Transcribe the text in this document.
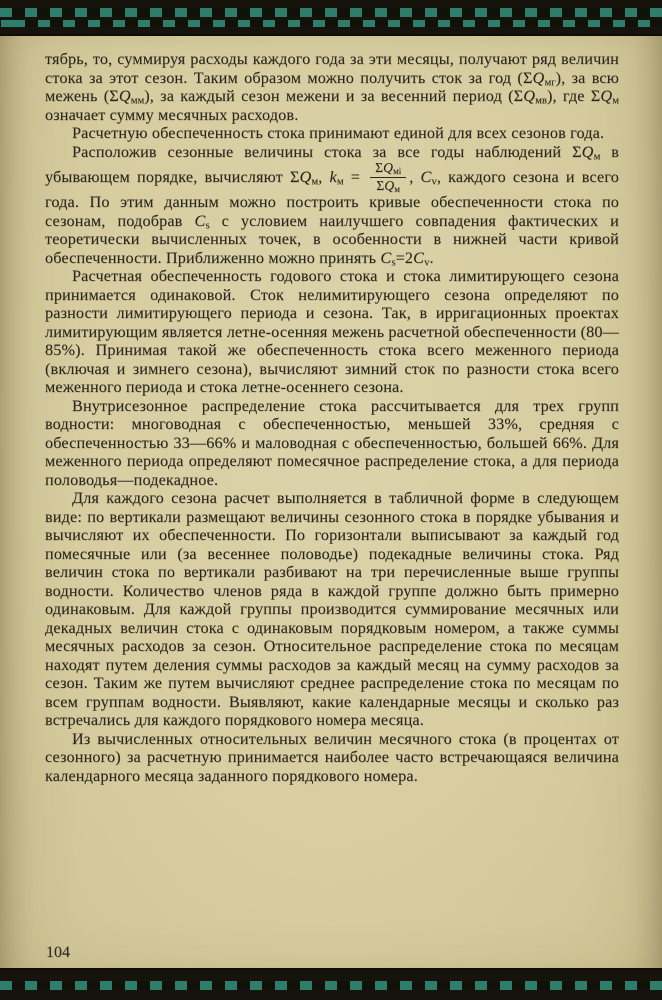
тябрь, то, суммируя расходы каждого года за эти месяцы, получают ряд величин стока за этот сезон. Таким образом можно получить сток за год $(\Sigma Q_{мг})$, за всю межень $(\Sigma Q_{мм})$, за каждый сезон межени и за весенний период $(\Sigma Q_{мв})$, где $\Sigma Q_м$ означает сумму месячных расходов.

Расчетную обеспеченность стока принимают единой для всех сезонов года.

Расположив сезонные величины стока за все годы наблюдений $\Sigma Q_м$ в убывающем порядке, вычисляют $\Sigma Q_м$, $k_м = \frac{\Sigma Q_{мi}}{\Sigma Q_м}$ , $C_v$, каждого сезона и всего года. По этим данным можно построить кривые обеспеченности стока по сезонам, подобрав $C_s$ с условием наилучшего совпадения фактических и теоретически вычисленных точек, в особенности в нижней части кривой обеспеченности. Приближенно можно принять $C_s=2C_v$.

Расчетная обеспеченность годового стока и стока лимитирующего сезона принимается одинаковой. Сток нелимитирующего сезона определяют по разности лимитирующего периода и сезона. Так, в ирригационных проектах лимитирующим является летне-осенняя межень расчетной обеспеченности (80—85%). Принимая такой же обеспеченность стока всего меженного периода (включая и зимнего сезона), вычисляют зимний сток по разности стока всего меженного периода и стока летне-осеннего сезона.

Внутрисезонное распределение стока рассчитывается для трех групп водности: многоводная с обеспеченностью, меньшей 33%, средняя с обеспеченностью 33—66% и маловодная с обеспеченностью, большей 66%. Для меженного периода определяют помесячное распределение стока, а для периода половодья—подекадное.

Для каждого сезона расчет выполняется в табличной форме в следующем виде: по вертикали размещают величины сезонного стока в порядке убывания и вычисляют их обеспеченности. По горизонтали выписывают за каждый год помесячные или (за весеннее половодье) подекадные величины стока. Ряд величин стока по вертикали разбивают на три перечисленные выше группы водности. Количество членов ряда в каждой группе должно быть примерно одинаковым. Для каждой группы производится суммирование месячных или декадных величин стока с одинаковым порядковым номером, а также суммы месячных расходов за сезон. Относительное распределение стока по месяцам находят путем деления суммы расходов за каждый месяц на сумму расходов за сезон. Таким же путем вычисляют среднее распределение стока по месяцам по всем группам водности. Выявляют, какие календарные месяцы и сколько раз встречались для каждого порядкового номера месяца.

Из вычисленных относительных величин месячного стока (в процентах от сезонного) за расчетную принимается наиболее часто встречающаяся величина календарного месяца заданного порядкового номера.

104
